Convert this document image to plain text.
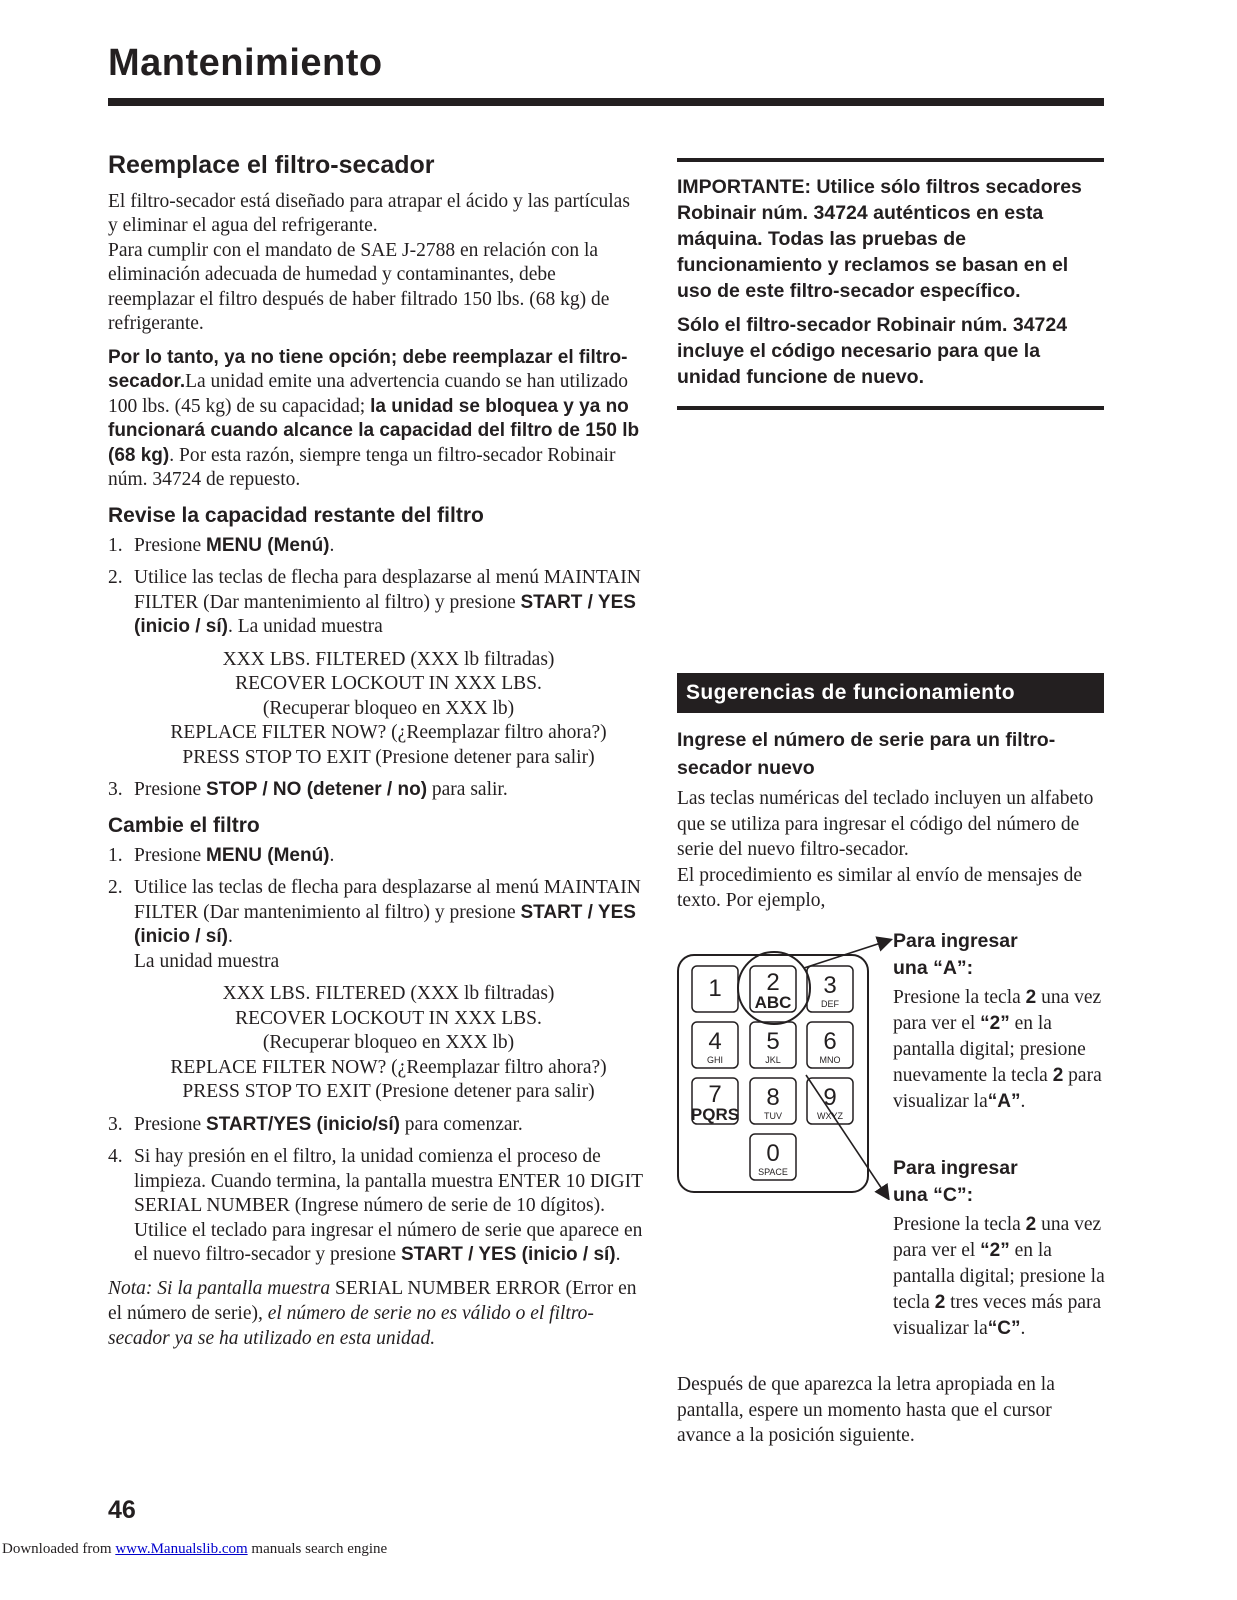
Mantenimiento
Reemplace el filtro-secador

El filtro-secador está diseñado para atrapar el ácido y las partículas y eliminar el agua del refrigerante.
Para cumplir con el mandato de SAE J-2788 en relación con la eliminación adecuada de humedad y contaminantes, debe reemplazar el filtro después de haber filtrado 150 lbs. (68 kg) de refrigerante.

Por lo tanto, ya no tiene opción; debe reemplazar el filtro-secador.La unidad emite una advertencia cuando se han utilizado 100 lbs. (45 kg) de su capacidad; la unidad se bloquea y ya no funcionará cuando alcance la capacidad del filtro de 150 lb (68 kg). Por esta razón, siempre tenga un filtro-secador Robinair núm. 34724 de repuesto.

Revise la capacidad restante del filtro
1. Presione MENU (Menú).
2. Utilice las teclas de flecha para desplazarse al menú MAINTAIN FILTER (Dar mantenimiento al filtro) y presione START / YES (inicio / sí). La unidad muestra
XXX LBS. FILTERED (XXX lb filtradas)
RECOVER LOCKOUT IN XXX LBS.
(Recuperar bloqueo en XXX lb)
REPLACE FILTER NOW? (¿Reemplazar filtro ahora?)
PRESS STOP TO EXIT (Presione detener para salir)
3. Presione STOP / NO (detener / no) para salir.
Cambie el filtro
1. Presione MENU (Menú).
2. Utilice las teclas de flecha para desplazarse al menú MAINTAIN FILTER (Dar mantenimiento al filtro) y presione START / YES (inicio / sí).
La unidad muestra
XXX LBS. FILTERED (XXX lb filtradas)
RECOVER LOCKOUT IN XXX LBS.
(Recuperar bloqueo en XXX lb)
REPLACE FILTER NOW? (¿Reemplazar filtro ahora?)
PRESS STOP TO EXIT (Presione detener para salir)
3. Presione START/YES (inicio/sí) para comenzar.
4. Si hay presión en el filtro, la unidad comienza el proceso de limpieza. Cuando termina, la pantalla muestra ENTER 10 DIGIT SERIAL NUMBER (Ingrese número de serie de 10 dígitos). Utilice el teclado para ingresar el número de serie que aparece en el nuevo filtro-secador y presione START / YES (inicio / sí).

Nota: Si la pantalla muestra SERIAL NUMBER ERROR (Error en el número de serie), el número de serie no es válido o el filtro-secador ya se ha utilizado en esta unidad.

IMPORTANTE: Utilice sólo filtros secadores Robinair núm. 34724 auténticos en esta máquina. Todas las pruebas de funcionamiento y reclamos se basan en el uso de este filtro-secador específico.

Sólo el filtro-secador Robinair núm. 34724 incluye el código necesario para que la unidad funcione de nuevo.

Sugerencias de funcionamiento
Ingrese el número de serie para un filtro-secador nuevo

Las teclas numéricas del teclado incluyen un alfabeto que se utiliza para ingresar el código del número de serie del nuevo filtro-secador.
El procedimiento es similar al envío de mensajes de texto. Por ejemplo,

1 2
ABC
3
DEF
4
GHI
5
JKL
6
MNO
7
PQRS
8
TUV
9
WXYZ
0
SPACE
Para ingresar una “A”:

Presione la tecla 2 una vez para ver el “2” en la pantalla digital; presione nuevamente la tecla 2 para visualizar la“A”.

Para ingresar una “C”:

Presione la tecla 2 una vez para ver el “2” en la pantalla digital; presione la tecla 2 tres veces más para visualizar la“C”.

Después de que aparezca la letra apropiada en la pantalla, espere un momento hasta que el cursor avance a la posición siguiente.

46
Downloaded from www.Manualslib.com manuals search engine
